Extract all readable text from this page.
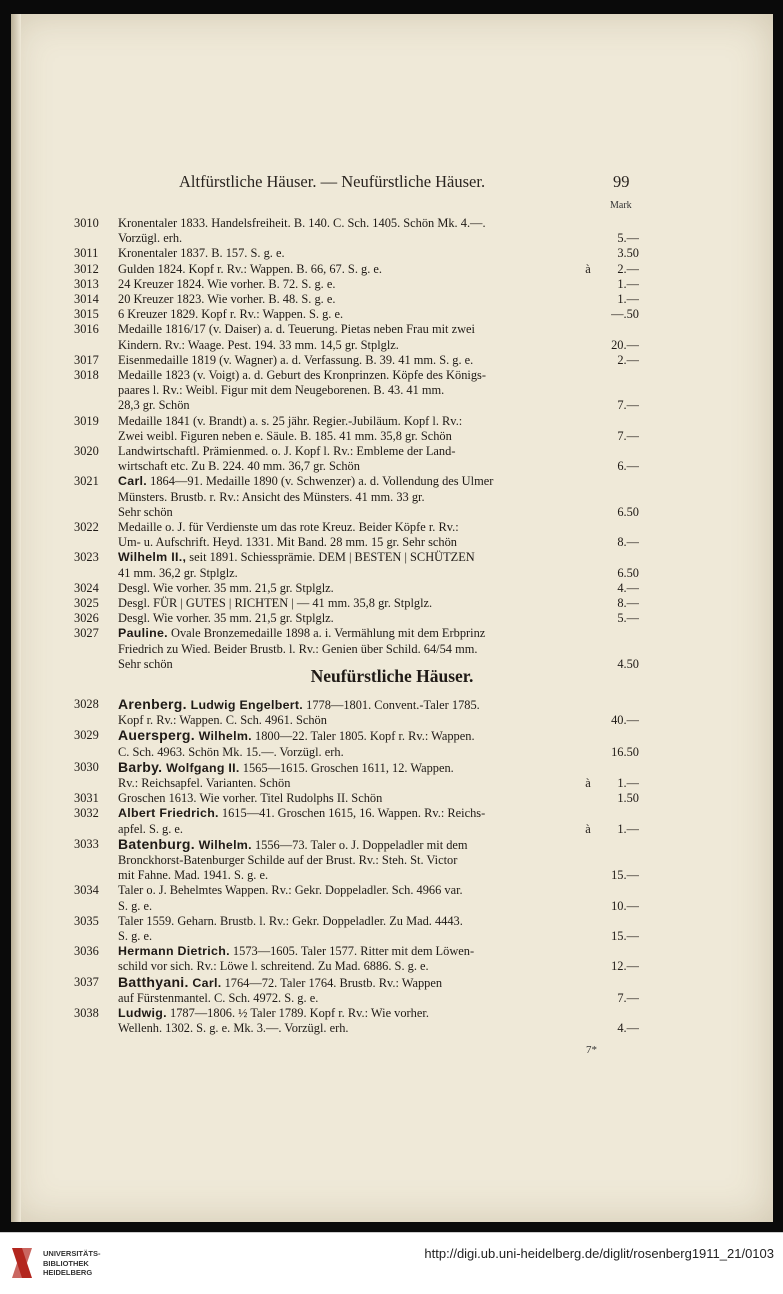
Altfürstliche Häuser. — Neufürstliche Häuser.	99
Mark
3010	Kronentaler 1833. Handelsfreiheit. B. 140. C. Sch. 1405. Schön Mk. 4.—.
Vorzügl. erh.	5.—
3011	Kronentaler 1837. B. 157. S. g. e.	3.50
3012	Gulden 1824. Kopf r. Rv.: Wappen. B. 66, 67. S. g. e.	à	2.—
3013	24 Kreuzer 1824. Wie vorher. B. 72. S. g. e.	1.—
3014	20 Kreuzer 1823. Wie vorher. B. 48. S. g. e.	1.—
3015	6 Kreuzer 1829. Kopf r. Rv.: Wappen. S. g. e.	—.50
3016	Medaille 1816/17 (v. Daiser) a. d. Teuerung. Pietas neben Frau mit zwei
Kindern. Rv.: Waage. Pest. 194. 33 mm. 14,5 gr. Stplglz.	20.—
3017	Eisenmedaille 1819 (v. Wagner) a. d. Verfassung. B. 39. 41 mm. S. g. e.	2.—
3018	Medaille 1823 (v. Voigt) a. d. Geburt des Kronprinzen. Köpfe des Königs-
paares l. Rv.: Weibl. Figur mit dem Neugeborenen. B. 43. 41 mm.
28,3 gr. Schön	7.—
3019	Medaille 1841 (v. Brandt) a. s. 25 jähr. Regier.-Jubiläum. Kopf l. Rv.:
Zwei weibl. Figuren neben e. Säule. B. 185. 41 mm. 35,8 gr. Schön	7.—
3020	Landwirtschaftl. Prämienmed. o. J. Kopf l. Rv.: Embleme der Land-
wirtschaft etc. Zu B. 224. 40 mm. 36,7 gr. Schön	6.—
3021	Carl. 1864—91. Medaille 1890 (v. Schwenzer) a. d. Vollendung des Ulmer
Münsters. Brustb. r. Rv.: Ansicht des Münsters. 41 mm. 33 gr.
Sehr schön	6.50
3022	Medaille o. J. für Verdienste um das rote Kreuz. Beider Köpfe r. Rv.:
Um- u. Aufschrift. Heyd. 1331. Mit Band. 28 mm. 15 gr. Sehr schön	8.—
3023	Wilhelm II., seit 1891. Schiessprämie. DEM | BESTEN | SCHÜTZEN
41 mm. 36,2 gr. Stplglz.	6.50
3024	Desgl. Wie vorher. 35 mm. 21,5 gr. Stplglz.	4.—
3025	Desgl. FÜR | GUTES | RICHTEN | — 41 mm. 35,8 gr. Stplglz.	8.—
3026	Desgl. Wie vorher. 35 mm. 21,5 gr. Stplglz.	5.—
3027	Pauline. Ovale Bronzemedaille 1898 a. i. Vermählung mit dem Erbprinz
Friedrich zu Wied. Beider Brustb. l. Rv.: Genien über Schild. 64/54 mm.
Sehr schön	4.50
Neufürstliche Häuser.
3028	Arenberg. Ludwig Engelbert. 1778—1801. Convent.-Taler 1785.
Kopf r. Rv.: Wappen. C. Sch. 4961. Schön	40.—
3029	Auersperg. Wilhelm. 1800—22. Taler 1805. Kopf r. Rv.: Wappen.
C. Sch. 4963. Schön Mk. 15.—. Vorzügl. erh.	16.50
3030	Barby. Wolfgang II. 1565—1615. Groschen 1611, 12. Wappen.
Rv.: Reichsapfel. Varianten. Schön	à	1.—
3031	Groschen 1613. Wie vorher. Titel Rudolphs II. Schön	1.50
3032	Albert Friedrich. 1615—41. Groschen 1615, 16. Wappen. Rv.: Reichs-
apfel. S. g. e.	à	1.—
3033	Batenburg. Wilhelm. 1556—73. Taler o. J. Doppeladler mit dem
Bronckhorst-Batenburger Schilde auf der Brust. Rv.: Steh. St. Victor
mit Fahne. Mad. 1941. S. g. e.	15.—
3034	Taler o. J. Behelmtes Wappen. Rv.: Gekr. Doppeladler. Sch. 4966 var.
S. g. e.	10.—
3035	Taler 1559. Geharn. Brustb. l. Rv.: Gekr. Doppeladler. Zu Mad. 4443.
S. g. e.	15.—
3036	Hermann Dietrich. 1573—1605. Taler 1577. Ritter mit dem Löwen-
schild vor sich. Rv.: Löwe l. schreitend. Zu Mad. 6886. S. g. e.	12.—
3037	Batthyani. Carl. 1764—72. Taler 1764. Brustb. Rv.: Wappen
auf Fürstenmantel. C. Sch. 4972. S. g. e.	7.—
3038	Ludwig. 1787—1806. ½ Taler 1789. Kopf r. Rv.: Wie vorher.
Wellenh. 1302. S. g. e. Mk. 3.—. Vorzügl. erh.	4.—
7*
UNIVERSITÄTS-
BIBLIOTHEK
HEIDELBERG
http://digi.ub.uni-heidelberg.de/diglit/rosenberg1911_21/0103
